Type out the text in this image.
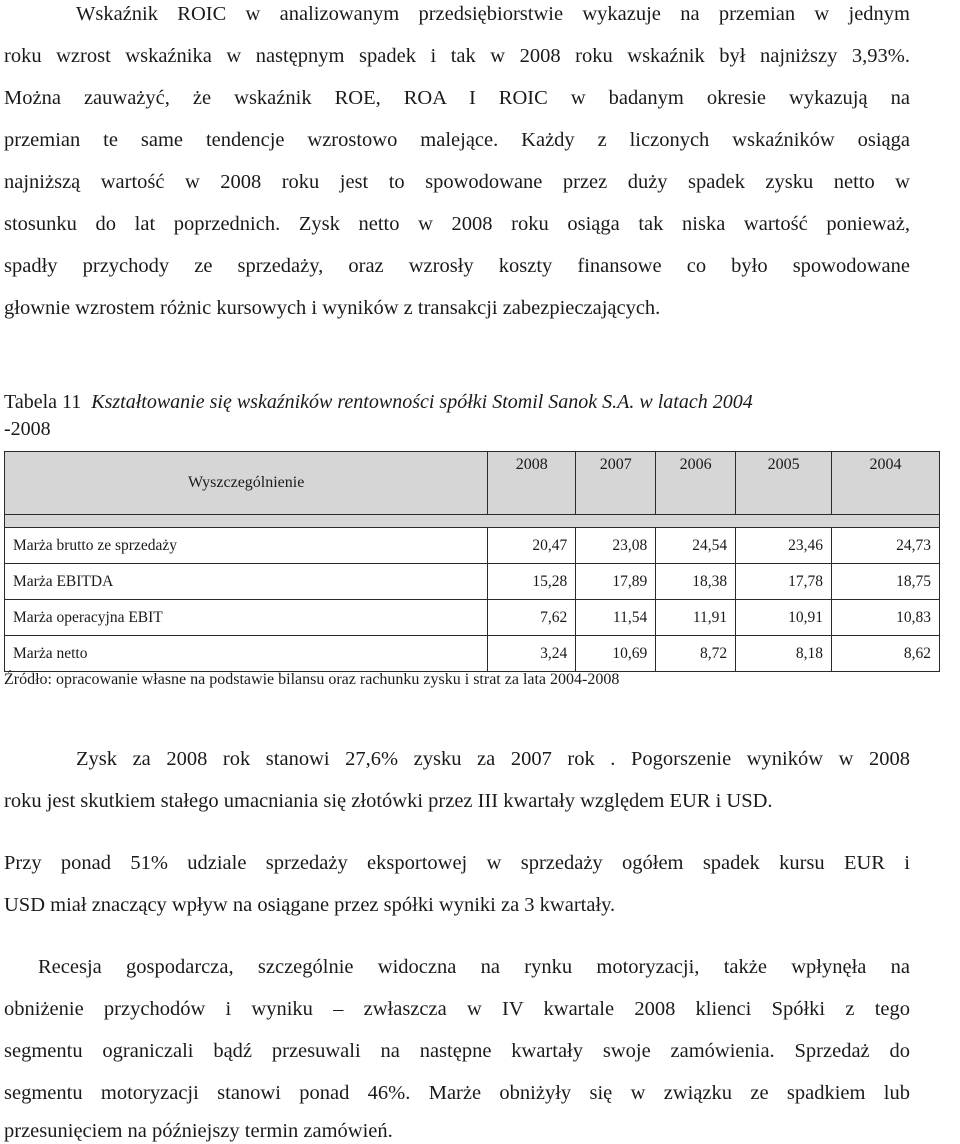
Wskaźnik ROIC w analizowanym przedsiębiorstwie wykazuje na przemian w jednym
roku wzrost wskaźnika w następnym spadek i tak w 2008 roku wskaźnik był najniższy 3,93%.
Można zauważyć, że wskaźnik ROE, ROA I ROIC w badanym okresie wykazują na
przemian te same tendencje wzrostowo malejące. Każdy z liczonych wskaźników osiąga
najniższą wartość w 2008 roku jest to spowodowane przez duży spadek zysku netto w
stosunku do lat poprzednich. Zysk netto w 2008 roku osiąga tak niska wartość ponieważ,
spadły przychody ze sprzedaży, oraz wzrosły koszty finansowe co było spowodowane
głownie wzrostem różnic kursowych i wyników z transakcji zabezpieczających.
Tabela 11 Kształtowanie się wskaźników rentowności spółki Stomil Sanok S.A. w latach 2004
-2008
Wyszczególnienie	2008	2007	2006	2005	2004

Marża brutto ze sprzedaży	20,47	23,08	24,54	23,46	24,73
Marża EBITDA	15,28	17,89	18,38	17,78	18,75
Marża operacyjna EBIT	7,62	11,54	11,91	10,91	10,83
Marża netto	3,24	10,69	8,72	8,18	8,62
Źródło: opracowanie własne na podstawie bilansu oraz rachunku zysku i strat za lata 2004-2008
Zysk za 2008 rok stanowi 27,6% zysku za 2007 rok . Pogorszenie wyników w 2008
roku jest skutkiem stałego umacniania się złotówki przez III kwartały względem EUR i USD.
Przy ponad 51% udziale sprzedaży eksportowej w sprzedaży ogółem spadek kursu EUR i
USD miał znaczący wpływ na osiągane przez spółki wyniki za 3 kwartały.
Recesja gospodarcza, szczególnie widoczna na rynku motoryzacji, także wpłynęła na
obniżenie przychodów i wyniku – zwłaszcza w IV kwartale 2008 klienci Spółki z tego
segmentu ograniczali bądź przesuwali na następne kwartały swoje zamówienia. Sprzedaż do
segmentu motoryzacji stanowi ponad 46%. Marże obniżyły się w związku ze spadkiem lub
przesunięciem na późniejszy termin zamówień.
